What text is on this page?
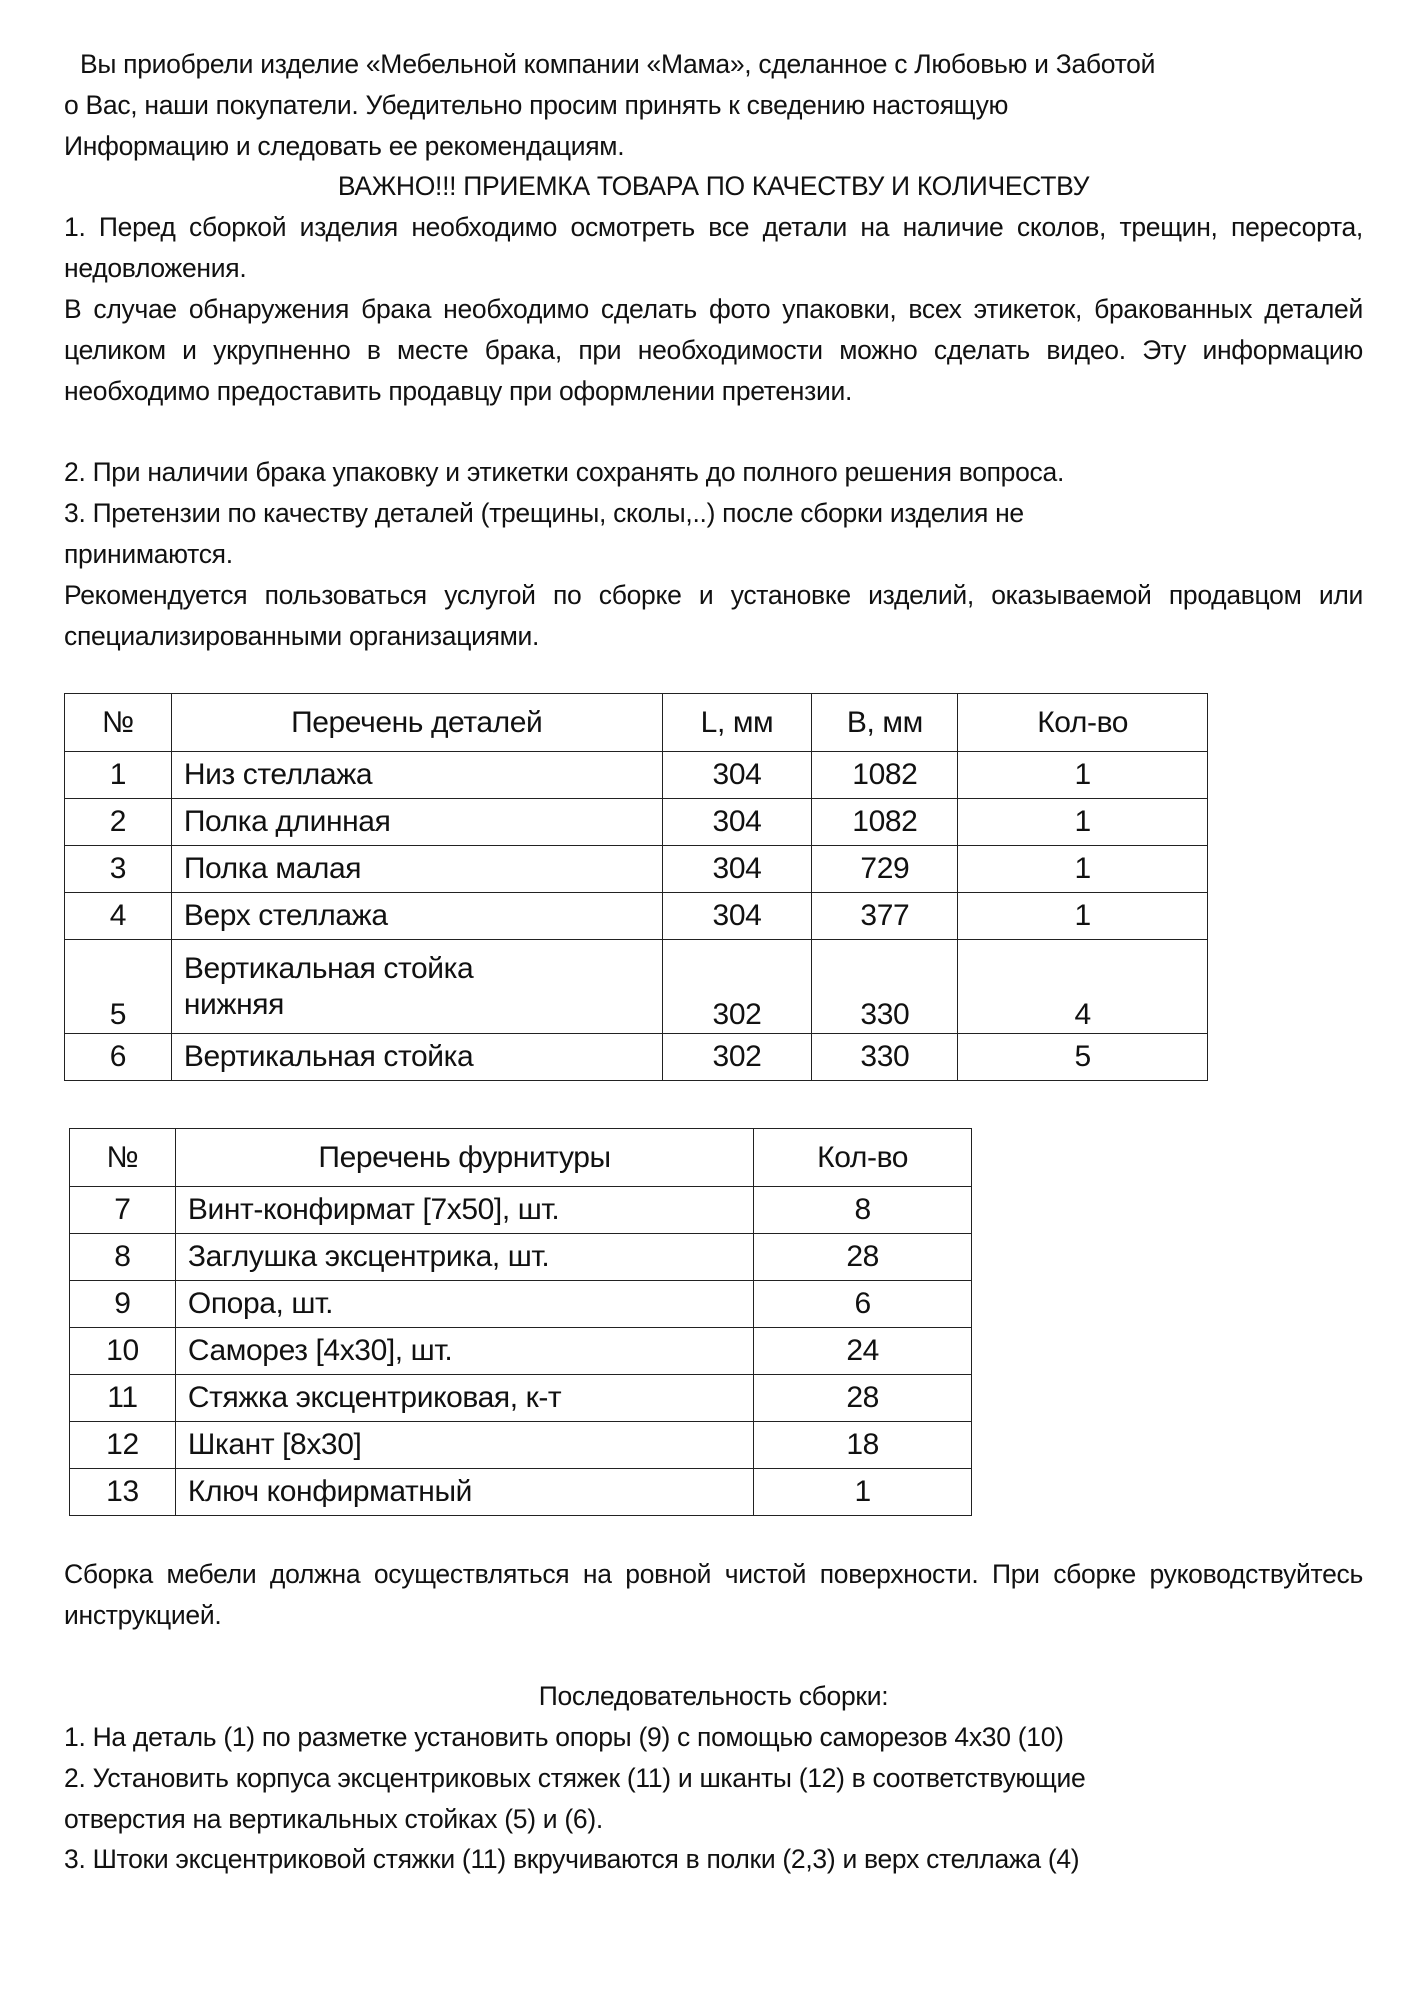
Вы приобрели изделие «Мебельной компании «Мама», сделанное с Любовью и Заботой
о Вас, наши покупатели. Убедительно просим принять к сведению настоящую
Информацию и следовать ее рекомендациям.
ВАЖНО!!! ПРИЕМКА ТОВАРА ПО КАЧЕСТВУ И КОЛИЧЕСТВУ
1. Перед сборкой изделия необходимо осмотреть все детали на наличие сколов, трещин, пересорта, недовложения.
В случае обнаружения брака необходимо сделать фото упаковки, всех этикеток, бракованных деталей целиком и укрупненно в месте брака, при необходимости можно сделать видео. Эту информацию необходимо предоставить продавцу при оформлении претензии.
2. При наличии брака упаковку и этикетки сохранять до полного решения вопроса.
3. Претензии по качеству деталей (трещины, сколы,..) после сборки изделия не
принимаются.
Рекомендуется пользоваться услугой по сборке и установке изделий, оказываемой продавцом или специализированными организациями.
№	Перечень деталей	L, мм	B, мм	Кол-во
1	Низ стеллажа	304	1082	1
2	Полка длинная	304	1082	1
3	Полка малая	304	729	1
4	Верх стеллажа	304	377	1
5	Вертикальная стойка нижняя	302	330	4
6	Вертикальная стойка	302	330	5
№	Перечень фурнитуры	Кол-во
7	Винт-конфирмат [7х50], шт.	8
8	Заглушка эксцентрика, шт.	28
9	Опора, шт.	6
10	Саморез [4х30], шт.	24
11	Стяжка эксцентриковая, к-т	28
12	Шкант [8х30]	18
13	Ключ конфирматный	1
Сборка мебели должна осуществляться на ровной чистой поверхности. При сборке руководствуйтесь инструкцией.
Последовательность сборки:
1. На деталь (1) по разметке установить опоры (9) с помощью саморезов 4х30 (10)
2. Установить корпуса эксцентриковых стяжек (11) и шканты (12) в соответствующие
отверстия на вертикальных стойках (5) и (6).
3. Штоки эксцентриковой стяжки (11) вкручиваются в полки (2,3) и верх стеллажа (4)
